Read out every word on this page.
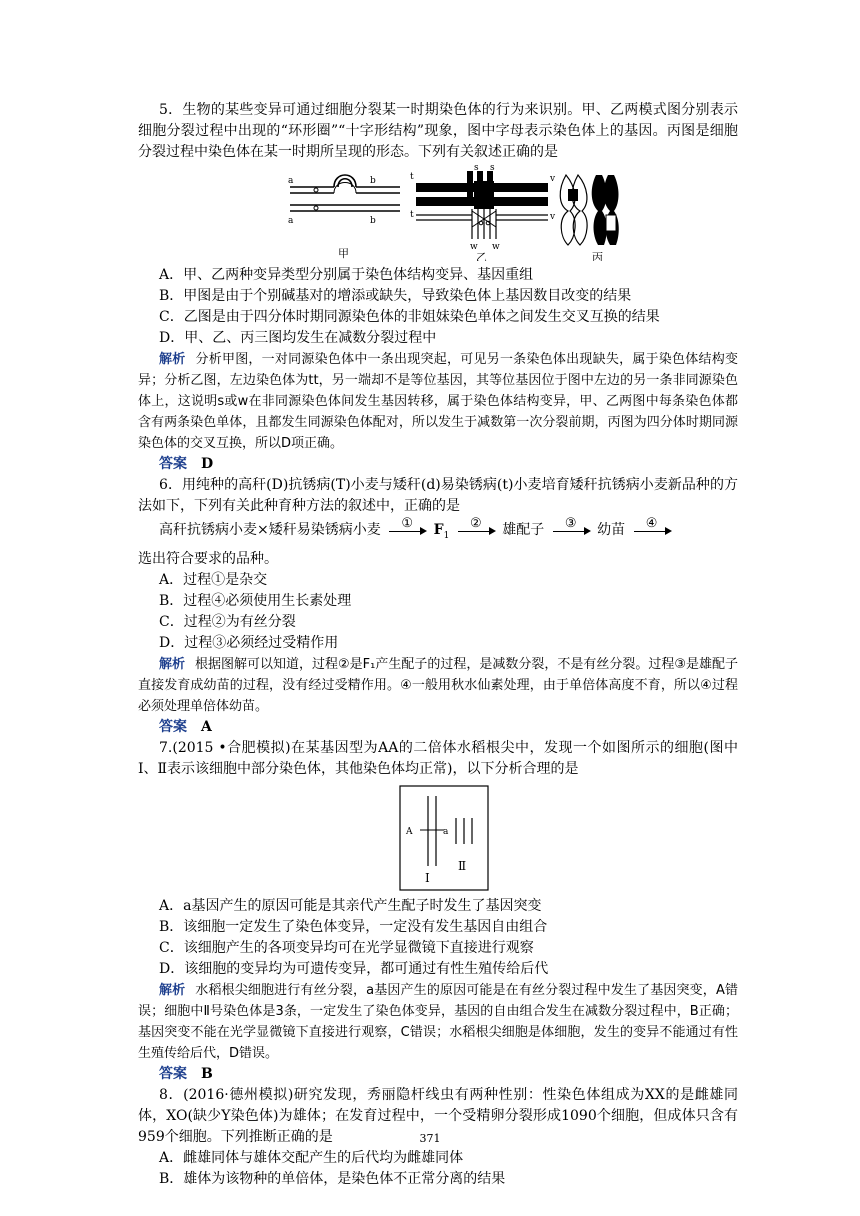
5．生物的某些变异可通过细胞分裂某一时期染色体的行为来识别。甲、乙两模式图分别表示细胞分裂过程中出现的“环形圈”“十字形结构”现象，图中字母表示染色体上的基因。丙图是细胞分裂过程中染色体在某一时期所呈现的形态。下列有关叙述正确的是

a	b
a	b
甲
t
t
s s
v
v
w w
乙	丙

A．甲、乙两种变异类型分别属于染色体结构变异、基因重组

B．甲图是由于个别碱基对的增添或缺失，导致染色体上基因数目改变的结果

C．乙图是由于四分体时期同源染色体的非姐妹染色单体之间发生交叉互换的结果

D．甲、乙、丙三图均发生在减数分裂过程中

解析 分析甲图，一对同源染色体中一条出现突起，可见另一条染色体出现缺失，属于染色体结构变异；分析乙图，左边染色体为tt，另一端却不是等位基因，其等位基因位于图中左边的另一条非同源染色体上，这说明s或w在非同源染色体间发生基因转移，属于染色体结构变异，甲、乙两图中每条染色体都含有两条染色单体，且都发生同源染色体配对，所以发生于减数第一次分裂前期，丙图为四分体时期同源染色体的交叉互换，所以D项正确。

答案 D

6．用纯种的高秆(D)抗锈病(T)小麦与矮秆(d)易染锈病(t)小麦培育矮秆抗锈病小麦新品种的方法如下，下列有关此种育种方法的叙述中，正确的是

高秆抗锈病小麦×矮秆易染锈病小麦	①	$F_1$
②	雄配子	③	幼苗	④

选出符合要求的品种。

A．过程①是杂交

B．过程④必须使用生长素处理

C．过程②为有丝分裂

D．过程③必须经过受精作用

解析 根据图解可以知道，过程②是F₁产生配子的过程，是减数分裂，不是有丝分裂。过程③是雄配子直接发育成幼苗的过程，没有经过受精作用。④一般用秋水仙素处理，由于单倍体高度不育，所以④过程必须处理单倍体幼苗。

答案 A

7.(2015 •合肥模拟)在某基因型为AA的二倍体水稻根尖中，发现一个如图所示的细胞(图中Ⅰ、Ⅱ表示该细胞中部分染色体，其他染色体均正常)，以下分析合理的是

A	a
Ⅰ
Ⅱ

A．a基因产生的原因可能是其亲代产生配子时发生了基因突变

B．该细胞一定发生了染色体变异，一定没有发生基因自由组合

C．该细胞产生的各项变异均可在光学显微镜下直接进行观察

D．该细胞的变异均为可遗传变异，都可通过有性生殖传给后代

解析 水稻根尖细胞进行有丝分裂，a基因产生的原因可能是在有丝分裂过程中发生了基因突变，A错误；细胞中Ⅱ号染色体是3条，一定发生了染色体变异，基因的自由组合发生在减数分裂过程中，B正确；基因突变不能在光学显微镜下直接进行观察，C错误；水稻根尖细胞是体细胞，发生的变异不能通过有性生殖传给后代，D错误。

答案 B

8．(2016·德州模拟)研究发现，秀丽隐杆线虫有两种性别：性染色体组成为XX的是雌雄同体，XO(缺少Y染色体)为雄体；在发育过程中，一个受精卵分裂形成1090个细胞，但成体只含有959个细胞。下列推断正确的是

A．雌雄同体与雄体交配产生的后代均为雌雄同体

B．雄体为该物种的单倍体，是染色体不正常分离的结果

371
